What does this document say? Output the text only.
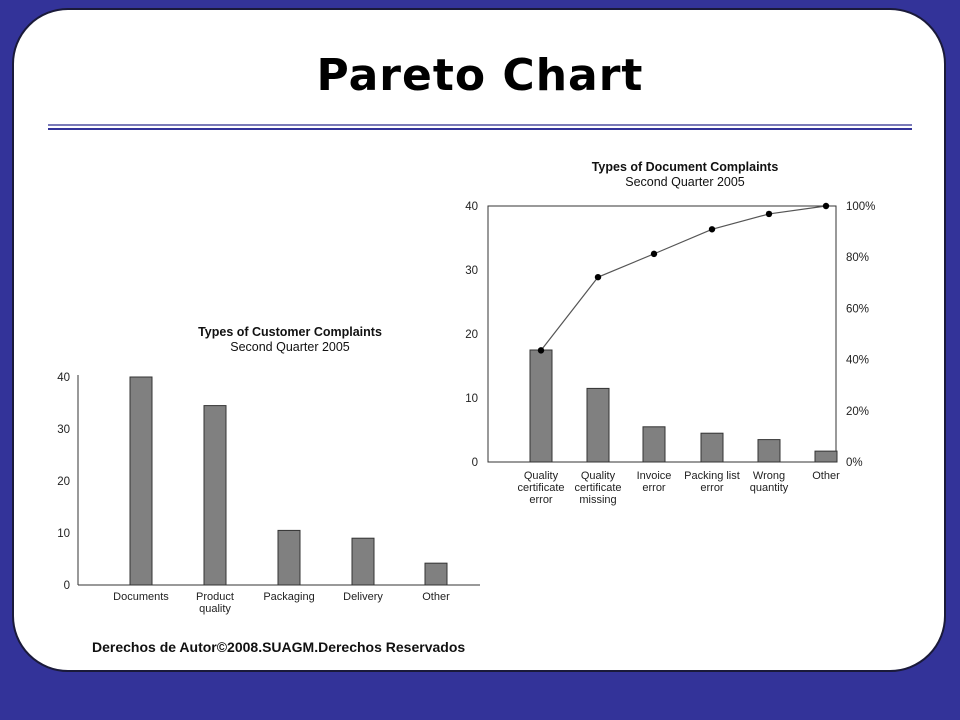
Pareto Chart
Types of Customer Complaints
Second Quarter 2005
0
10
20
30
40
Documents Product quality
Packaging	Delivery	Other
Types of Document Complaints
Second Quarter 2005
0
10
20
30
40
0%
20%
40%
60%
80%
100%
Quality certificate error
Quality certificate missing
Invoice error
Packing list error
Wrong quantity
Other
Derechos de Autor©2008.SUAGM.Derechos Reservados
